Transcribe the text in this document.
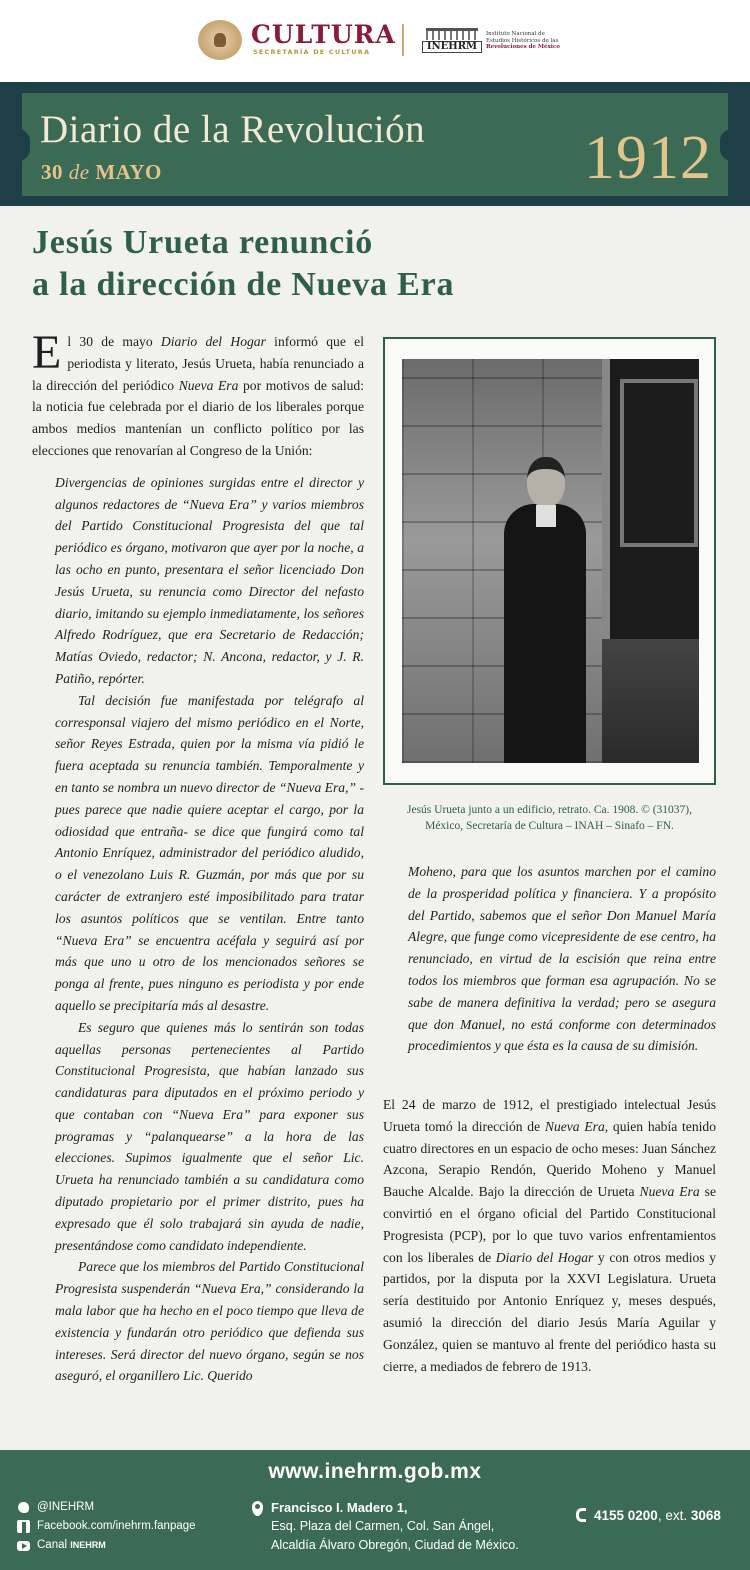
CULTURA
SECRETARÍA DE CULTURA	INEHRM
Instituto Nacional de
Estudios Históricos de las
Revoluciones de México
Diario de la Revolución
30 de MAYO	1912
Jesús Urueta renunció
a la dirección de Nueva Era

El 30 de mayo Diario del Hogar informó que el periodista y literato, Jesús Urueta, había renunciado a la dirección del periódico Nueva Era por motivos de salud: la noticia fue celebrada por el diario de los liberales porque ambos medios mantenían un conflicto político por las elecciones que renovarían al Congreso de la Unión:

Divergencias de opiniones surgidas entre el director y algunos redactores de “Nueva Era” y varios miembros del Partido Constitucional Progresista del que tal periódico es órgano, motivaron que ayer por la noche, a las ocho en punto, presentara el señor licenciado Don Jesús Urueta, su renuncia como Director del nefasto diario, imitando su ejemplo inmediatamente, los señores Alfredo Rodríguez, que era Secretario de Redacción; Matías Oviedo, redactor; N. Ancona, redactor, y J. R. Patiño, repórter.

Tal decisión fue manifestada por telégrafo al corresponsal viajero del mismo periódico en el Norte, señor Reyes Estrada, quien por la misma vía pidió le fuera aceptada su renuncia también. Temporalmente y en tanto se nombra un nuevo director de “Nueva Era,” -pues parece que nadie quiere aceptar el cargo, por la odiosidad que entraña- se dice que fungirá como tal Antonio Enríquez, administrador del periódico aludido, o el venezolano Luis R. Guzmán, por más que por su carácter de extranjero esté imposibilitado para tratar los asuntos políticos que se ventilan. Entre tanto “Nueva Era” se encuentra acéfala y seguirá así por más que uno u otro de los mencionados señores se ponga al frente, pues ninguno es periodista y por ende aquello se precipitaría más al desastre.

Es seguro que quienes más lo sentirán son todas aquellas personas pertenecientes al Partido Constitucional Progresista, que habían lanzado sus candidaturas para diputados en el próximo periodo y que contaban con “Nueva Era” para exponer sus programas y “palanquearse” a la hora de las elecciones. Supimos igualmente que el señor Lic. Urueta ha renunciado también a su candidatura como diputado propietario por el primer distrito, pues ha expresado que él solo trabajará sin ayuda de nadie, presentándose como candidato independiente.

Parece que los miembros del Partido Constitucional Progresista suspenderán “Nueva Era,” considerando la mala labor que ha hecho en el poco tiempo que lleva de existencia y fundarán otro periódico que defienda sus intereses. Será director del nuevo órgano, según se nos aseguró, el organillero Lic. Querido

Jesús Urueta junto a un edificio, retrato. Ca. 1908. © (31037),
México, Secretaría de Cultura – INAH – Sinafo – FN.

Moheno, para que los asuntos marchen por el camino de la prosperidad política y financiera. Y a propósito del Partido, sabemos que el señor Don Manuel María Alegre, que funge como vicepresidente de ese centro, ha renunciado, en virtud de la escisión que reina entre todos los miembros que forman esa agrupación. No se sabe de manera definitiva la verdad; pero se asegura que don Manuel, no está conforme con determinados procedimientos y que ésta es la causa de su dimisión.

El 24 de marzo de 1912, el prestigiado intelectual Jesús Urueta tomó la dirección de Nueva Era, quien había tenido cuatro directores en un espacio de ocho meses: Juan Sánchez Azcona, Serapio Rendón, Querido Moheno y Manuel Bauche Alcalde. Bajo la dirección de Urueta Nueva Era se convirtió en el órgano oficial del Partido Constitucional Progresista (PCP), por lo que tuvo varios enfrentamientos con los liberales de Diario del Hogar y con otros medios y partidos, por la disputa por la XXVI Legislatura. Urueta sería destituido por Antonio Enríquez y, meses después, asumió la dirección del diario Jesús María Aguilar y González, quien se mantuvo al frente del periódico hasta su cierre, a mediados de febrero de 1913.

www.inehrm.gob.mx
@INEHRM
Facebook.com/inehrm.fanpage
Canal INEHRM
Francisco I. Madero 1,
Esq. Plaza del Carmen, Col. San Ángel,
Alcaldía Álvaro Obregón, Ciudad de México.
4155 0200, ext. 3068
